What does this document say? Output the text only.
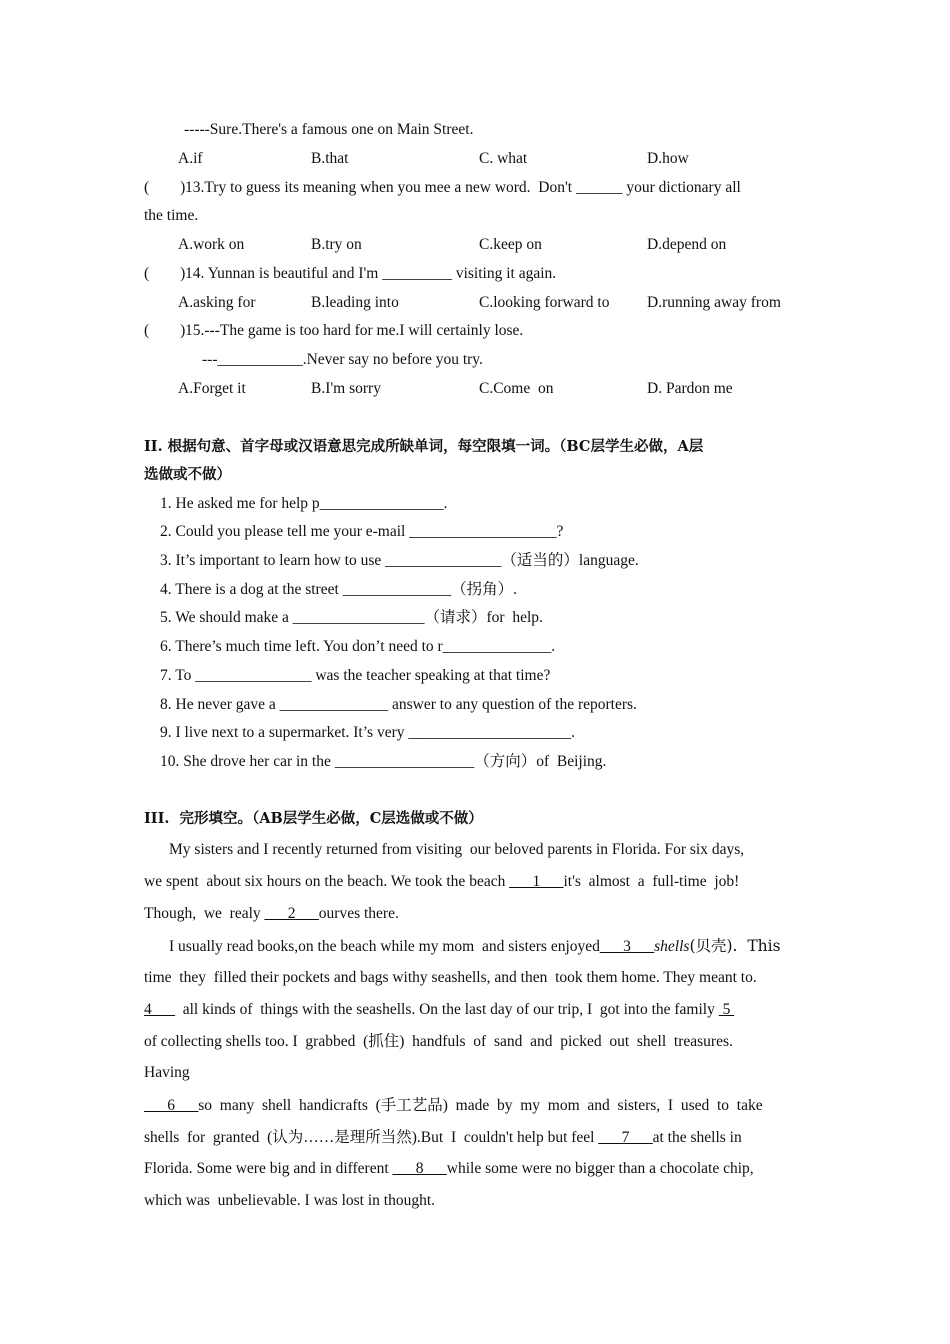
-----Sure.There's a famous one on Main Street.
A.if	B.that	C. what	D.how
(        ) 13.Try to guess its meaning when you mee a new word.  Don't ______ your dictionary all
the time.
A.work on	B.try on	C.keep on	D.depend on
(        ) 14. Yunnan is beautiful and I'm _________ visiting it again.
A.asking for	B.leading into	C.looking forward to D.running away from
(        ) 15.---The game is too hard for me.I will certainly lose.
---___________.Never say no before you try.
A.Forget it	B.I'm sorry	C.Come  on	D. Pardon me
II. 根据句意、首字母或汉语意思完成所缺单词，每空限填一词。（BC层学生必做，A层
选做或不做）
1. He asked me for help p________________.
2. Could you please tell me your e-mail ___________________?
3. It’s important to learn how to use _______________（适当的）language.
4. There is a dog at the street ______________（拐角）.
5. We should make a _________________（请求）for  help.
6. There’s much time left. You don’t need to r______________.
7. To _______________ was the teacher speaking at that time?
8. He never gave a ______________ answer to any question of the reporters.
9. I live next to a supermarket. It’s very _____________________.
10. She drove her car in the __________________（方向）of  Beijing.
III.  完形填空。（AB层学生必做，C层选做或不做）
My sisters and I recently returned from visiting  our beloved parents in Florida. For six days,
we spent  about six hours on the beach. We took the beach ___1___it's  almost  a  full-time  job!
Though,  we  realy ___2___ourves there.
I usually read books,on the beach while my mom  and sisters enjoyed___3___shells(贝壳).  This
time  they  filled their pockets and bags withy seashells, and then  took them home. They meant to.
4___  all kinds of  things with the seashells. On the last day of our trip, I  got into the family  5
of collecting shells too. I  grabbed  (抓住)  handfuls  of  sand  and  picked  out  shell  treasures.
Having
___6___so  many  shell  handicrafts  (手工艺品)  made  by  my  mom  and  sisters,  I  used  to  take
shells  for  granted  (认为……是理所当然).But  I  couldn't help but feel ___7___at the shells in
Florida. Some were big and in different ___8___while some were no bigger than a chocolate chip,
which was  unbelievable. I was lost in thought.
